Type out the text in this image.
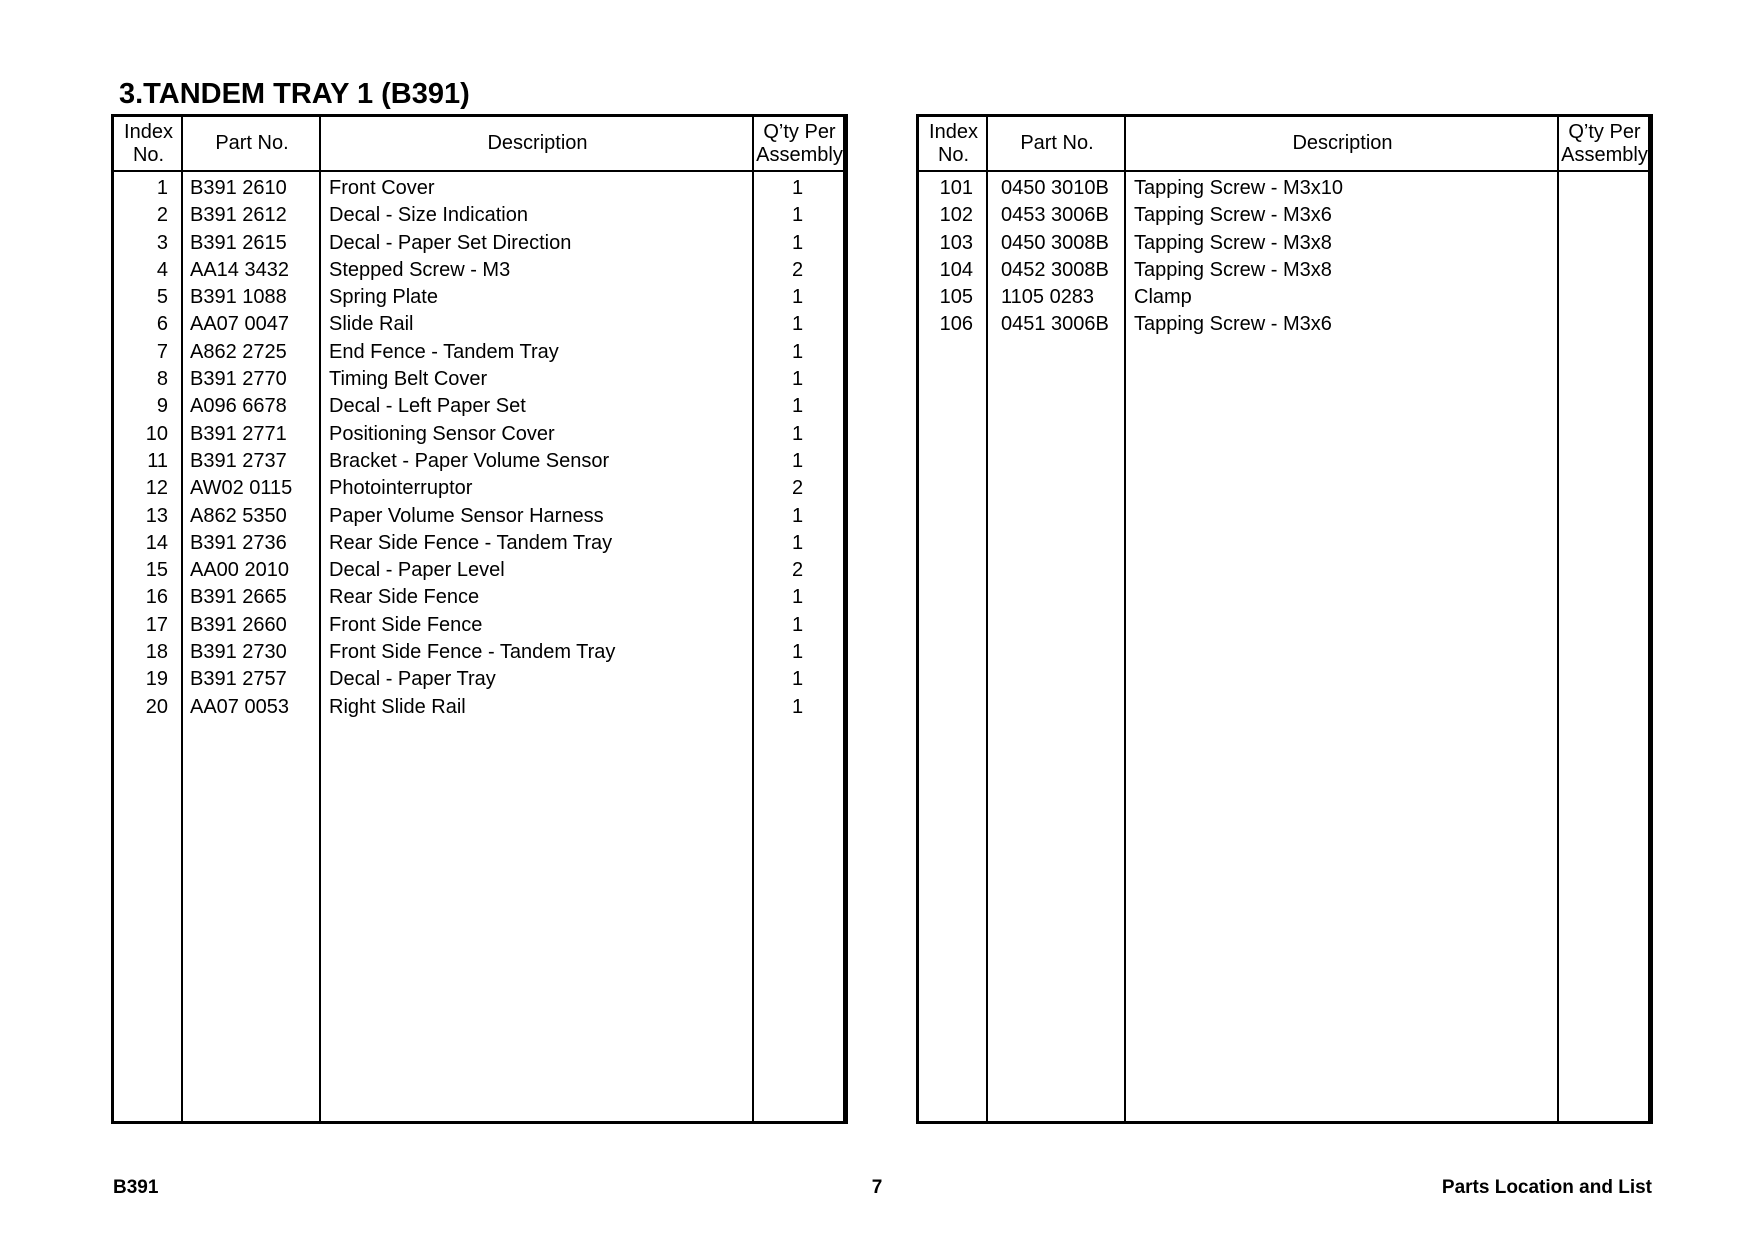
3.TANDEM TRAY 1 (B391)
Index
No.
Part No.	Description
Q’ty Per
Assembly
1 B391 2610	Front Cover	1
2 B391 2612	Decal - Size Indication	1
3 B391 2615	Decal - Paper Set Direction	1
4 AA14 3432	Stepped Screw - M3	2
5 B391 1088	Spring Plate	1
6 AA07 0047	Slide Rail	1
7 A862 2725	End Fence - Tandem Tray	1
8 B391 2770	Timing Belt Cover	1
9 A096 6678	Decal - Left Paper Set	1
10 B391 2771	Positioning Sensor Cover	1
11 B391 2737	Bracket - Paper Volume Sensor	1
12 AW02 0115	Photointerruptor	2
13 A862 5350	Paper Volume Sensor Harness	1
14 B391 2736	Rear Side Fence - Tandem Tray	1
15 AA00 2010	Decal - Paper Level	2
16 B391 2665	Rear Side Fence	1
17 B391 2660	Front Side Fence	1
18 B391 2730	Front Side Fence - Tandem Tray	1
19 B391 2757	Decal - Paper Tray	1
20 AA07 0053	Right Slide Rail	1
Index
No.
Part No.	Description
Q’ty Per
Assembly
101 0450 3010B	Tapping Screw - M3x10
102 0453 3006B	Tapping Screw - M3x6
103 0450 3008B	Tapping Screw - M3x8
104 0452 3008B	Tapping Screw - M3x8
105 1105 0283	Clamp
106 0451 3006B	Tapping Screw - M3x6
B391	7	Parts Location and List
